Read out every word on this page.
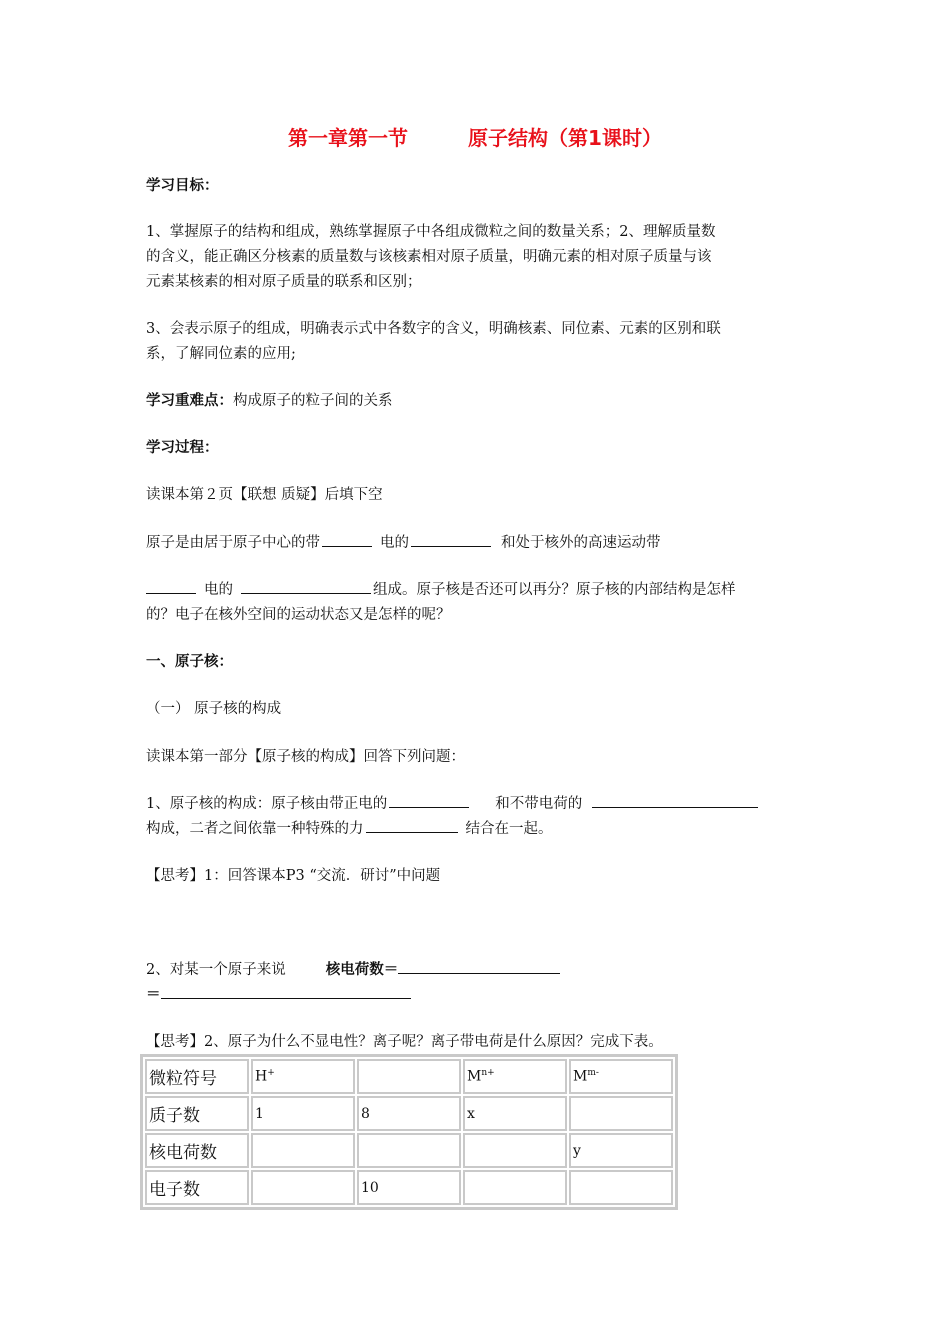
第一章第一节	原子结构（第1课时）
学习目标：
1、掌握原子的结构和组成，熟练掌握原子中各组成微粒之间的数量关系；2、理解质量数
的含义，能正确区分核素的质量数与该核素相对原子质量，明确元素的相对原子质量与该
元素某核素的相对原子质量的联系和区别；
3、会表示原子的组成，明确表示式中各数字的含义，明确核素、同位素、元素的区别和联
系，了解同位素的应用;
学习重难点：构成原子的粒子间的关系
学习过程：
读课本第２页【联想 质疑】后填下空
原子是由居于原子中心的带	电的	和处于核外的高速运动带
电的	组成。原子核是否还可以再分？原子核的内部结构是怎样
的？电子在核外空间的运动状态又是怎样的呢？
一、原子核：
（一） 原子核的构成
读课本第一部分【原子核的构成】回答下列问题：
1、原子核的构成：原子核由带正电的	和不带电荷的
构成，二者之间依靠一种特殊的力	结合在一起。
【思考】1：回答课本P3 “交流．研讨”中问题
2、对某一个原子来说	核电荷数＝
＝
【思考】2、原子为什么不显电性？离子呢？离子带电荷是什么原因？完成下表。
微粒符号	H+		$M^{n+}$	$M^{m-}$
质子数	1	8	x	
核电荷数				y
电子数		10		
